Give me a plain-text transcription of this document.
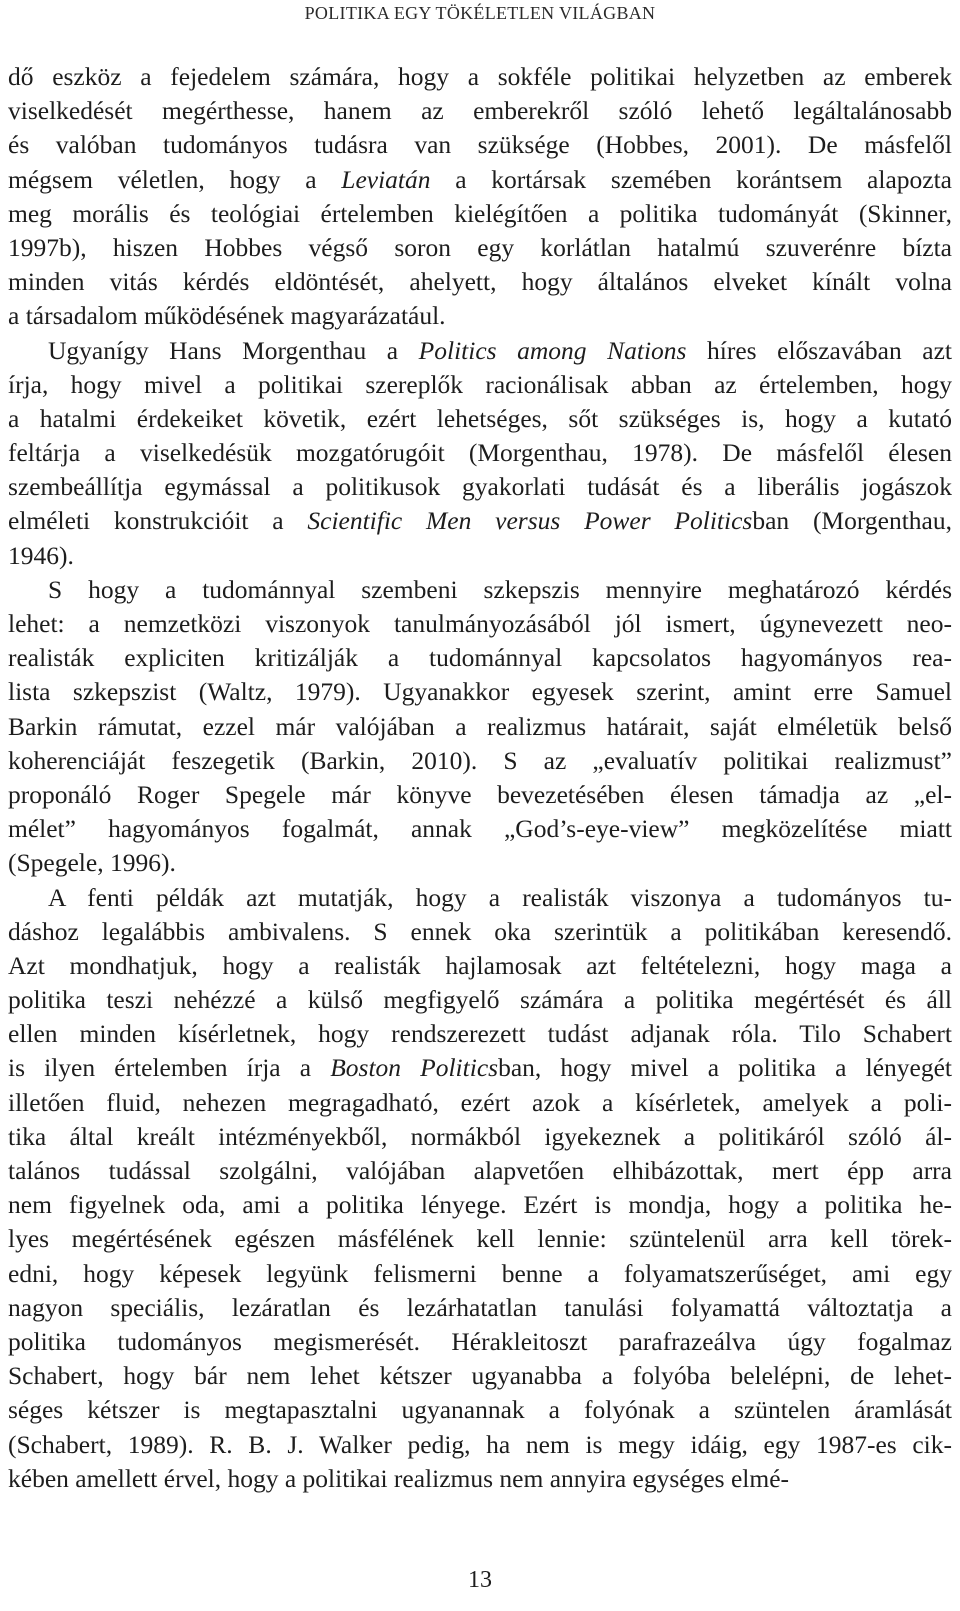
POLITIKA EGY TÖKÉLETLEN VILÁGBAN
dő eszköz a fejedelem számára, hogy a sokféle politikai helyzetben az emberek
viselkedését megérthesse, hanem az emberekről szóló lehető legáltalánosabb
és valóban tudományos tudásra van szüksége (Hobbes, 2001). De másfelől
mégsem véletlen, hogy a Leviatán a kortársak szemében korántsem alapozta
meg morális és teológiai értelemben kielégítően a politika tudományát (Skinner,
1997b), hiszen Hobbes végső soron egy korlátlan hatalmú szuverénre bízta
minden vitás kérdés eldöntését, ahelyett, hogy általános elveket kínált volna
a társadalom működésének magyarázatául.
Ugyanígy Hans Morgenthau a Politics among Nations híres előszavában azt
írja, hogy mivel a politikai szereplők racionálisak abban az értelemben, hogy
a hatalmi érdekeiket követik, ezért lehetséges, sőt szükséges is, hogy a kutató
feltárja a viselkedésük mozgatórugóit (Morgenthau, 1978). De másfelől élesen
szembeállítja egymással a politikusok gyakorlati tudását és a liberális jogászok
elméleti konstrukcióit a Scientific Men versus Power Politicsban (Morgenthau,
1946).
S hogy a tudománnyal szembeni szkepszis mennyire meghatározó kérdés
lehet: a nemzetközi viszonyok tanulmányozásából jól ismert, úgynevezett neo-
realisták expliciten kritizálják a tudománnyal kapcsolatos hagyományos rea-
lista szkepszist (Waltz, 1979). Ugyanakkor egyesek szerint, amint erre Samuel
Barkin rámutat, ezzel már valójában a realizmus határait, saját elméletük belső
koherenciáját feszegetik (Barkin, 2010). S az „evaluatív politikai realizmust”
proponáló Roger Spegele már könyve bevezetésében élesen támadja az „el-
mélet” hagyományos fogalmát, annak „God’s-eye-view” megközelítése miatt
(Spegele, 1996).
A fenti példák azt mutatják, hogy a realisták viszonya a tudományos tu-
dáshoz legalábbis ambivalens. S ennek oka szerintük a politikában keresendő.
Azt mondhatjuk, hogy a realisták hajlamosak azt feltételezni, hogy maga a
politika teszi nehézzé a külső megfigyelő számára a politika megértését és áll
ellen minden kísérletnek, hogy rendszerezett tudást adjanak róla. Tilo Schabert
is ilyen értelemben írja a Boston Politicsban, hogy mivel a politika a lényegét
illetően fluid, nehezen megragadható, ezért azok a kísérletek, amelyek a poli-
tika által kreált intézményekből, normákból igyekeznek a politikáról szóló ál-
talános tudással szolgálni, valójában alapvetően elhibázottak, mert épp arra
nem figyelnek oda, ami a politika lényege. Ezért is mondja, hogy a politika he-
lyes megértésének egészen másfélének kell lennie: szüntelenül arra kell törek-
edni, hogy képesek legyünk felismerni benne a folyamatszerűséget, ami egy
nagyon speciális, lezáratlan és lezárhatatlan tanulási folyamattá változtatja a
politika tudományos megismerését. Hérakleitoszt parafrazeálva úgy fogalmaz
Schabert, hogy bár nem lehet kétszer ugyanabba a folyóba belelépni, de lehet-
séges kétszer is megtapasztalni ugyanannak a folyónak a szüntelen áramlását
(Schabert, 1989). R. B. J. Walker pedig, ha nem is megy idáig, egy 1987-es cik-
kében amellett érvel, hogy a politikai realizmus nem annyira egységes elmé-
13
